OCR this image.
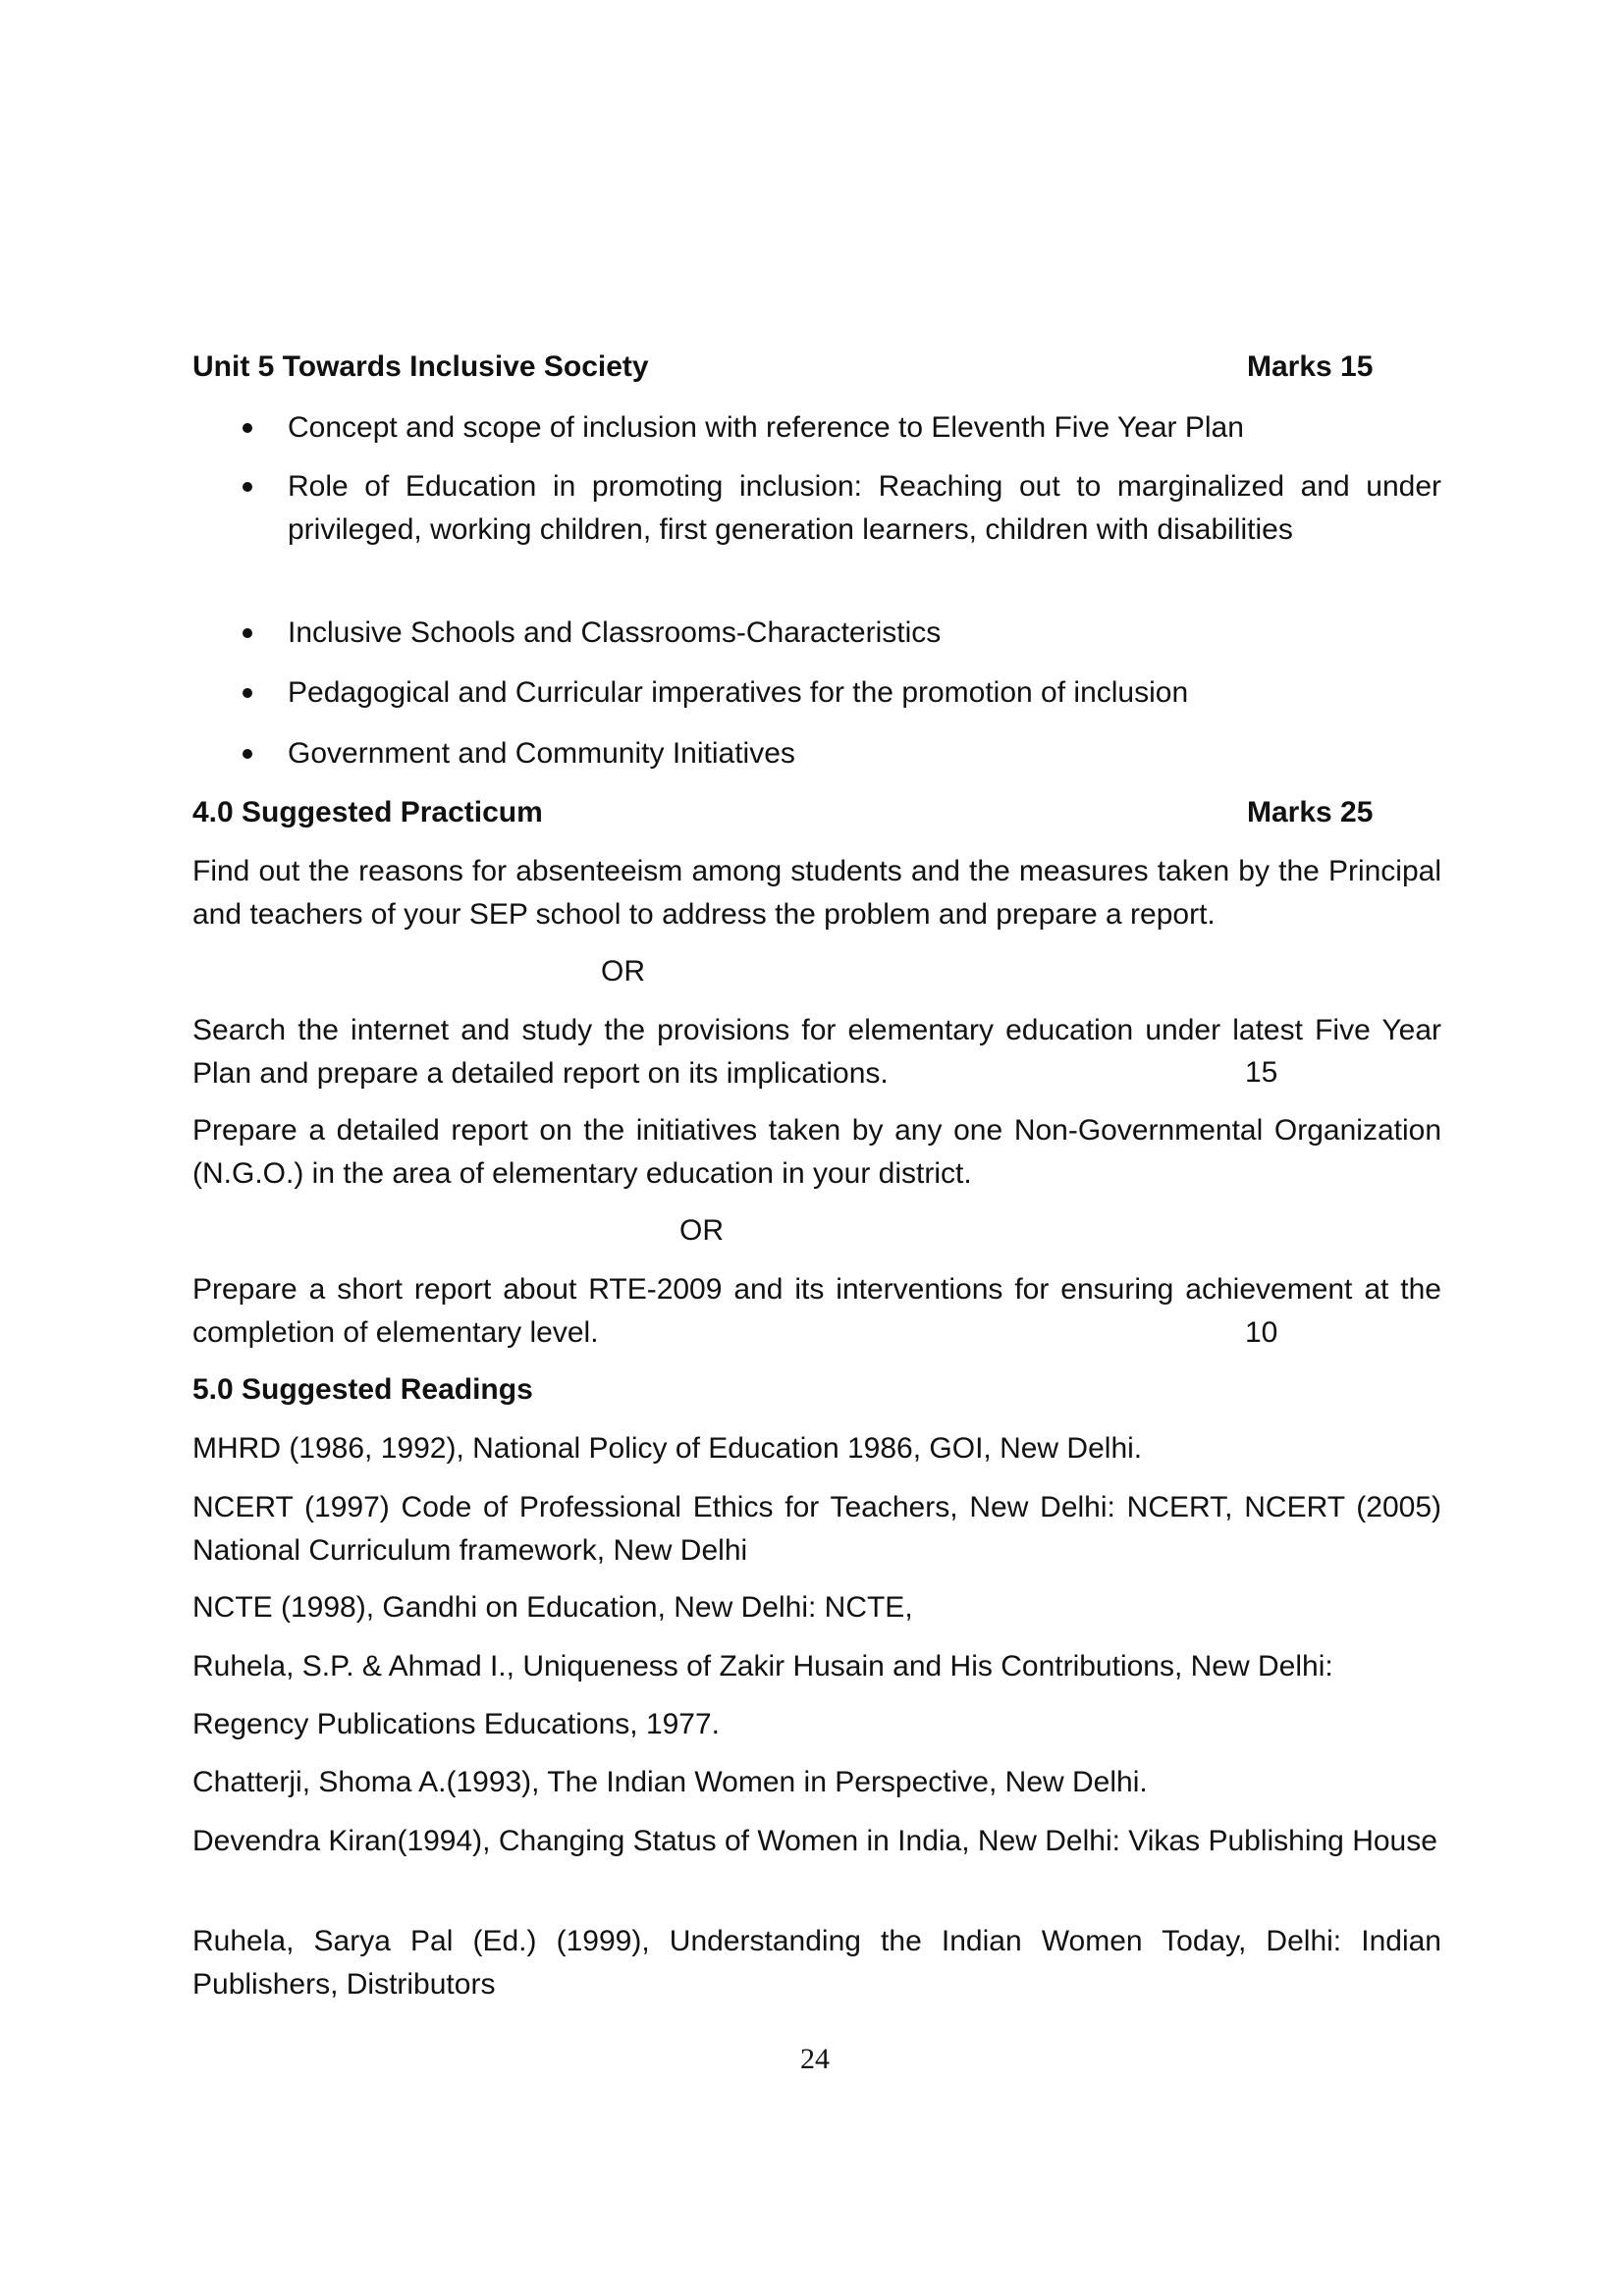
Unit 5 Towards Inclusive Society	Marks 15
Concept and scope of inclusion with reference to Eleventh Five Year Plan
Role of Education in promoting inclusion: Reaching out to marginalized and under privileged, working children, first generation learners, children with disabilities
Inclusive Schools and Classrooms-Characteristics
Pedagogical and Curricular imperatives for the promotion of inclusion
Government and Community Initiatives
4.0 Suggested Practicum	Marks 25
Find out the reasons for absenteeism among students and the measures taken by the Principal and teachers of your SEP school to address the problem and prepare a report.
OR
Search the internet and study the provisions for elementary education under latest Five Year Plan and prepare a detailed report on its implications.	15
Prepare a detailed report on the initiatives taken by any one Non-Governmental Organization (N.G.O.) in the area of elementary education in your district.
OR
Prepare a short report about RTE-2009 and its interventions for ensuring achievement at the completion of elementary level.	10
5.0 Suggested Readings
MHRD (1986, 1992), National Policy of Education 1986, GOI, New Delhi.
NCERT (1997) Code of Professional Ethics for Teachers, New Delhi: NCERT, NCERT (2005) National Curriculum framework, New Delhi
NCTE (1998), Gandhi on Education, New Delhi: NCTE,
Ruhela, S.P. & Ahmad I., Uniqueness of Zakir Husain and His Contributions, New Delhi:
Regency Publications Educations, 1977.
Chatterji, Shoma A.(1993), The Indian Women in Perspective, New Delhi.
Devendra Kiran(1994), Changing Status of Women in India, New Delhi: Vikas Publishing House
Ruhela, Sarya Pal (Ed.) (1999), Understanding the Indian Women Today, Delhi: Indian Publishers, Distributors
24
